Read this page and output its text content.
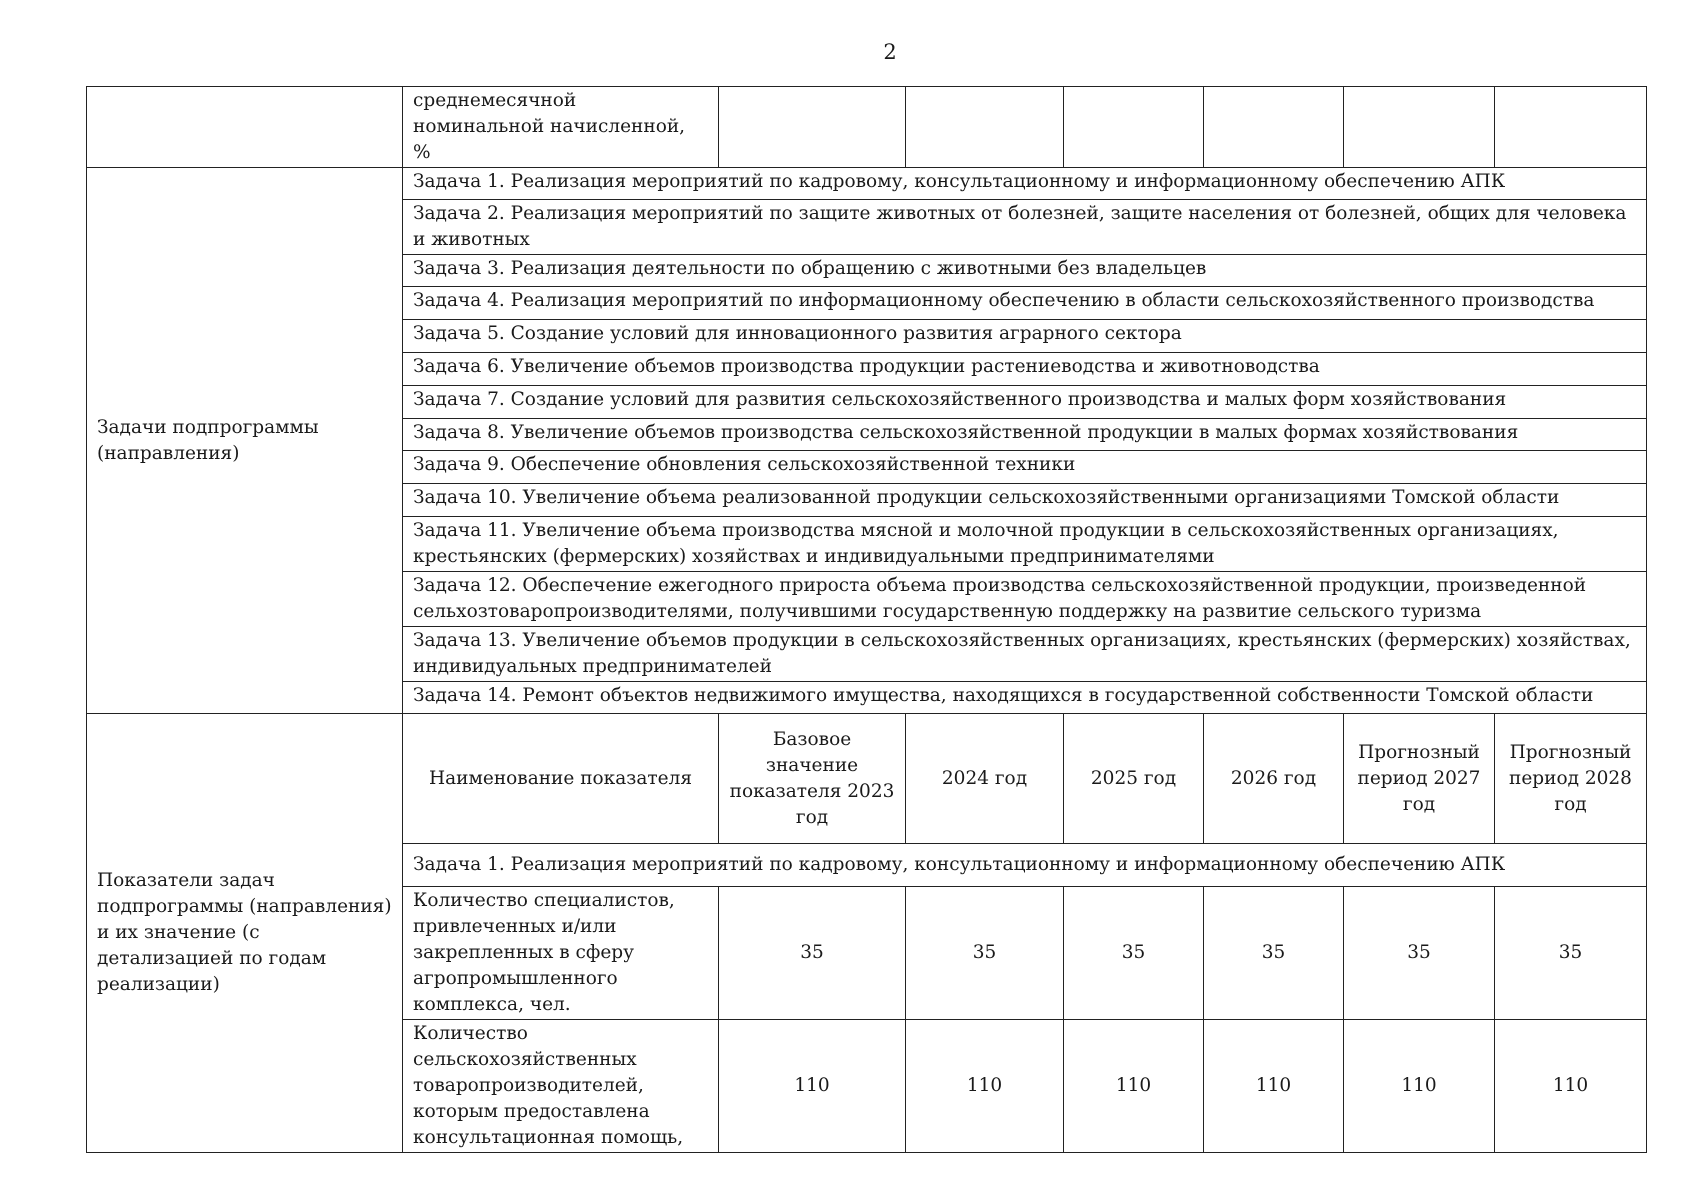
2
	среднемесячной номинальной начисленной, %						
Задачи подпрограммы (направления)	Задача 1. Реализация мероприятий по кадровому, консультационному и информационному обеспечению АПК						
	Задача 2. Реализация мероприятий по защите животных от болезней, защите населения от болезней, общих для человека и животных						
	Задача 3. Реализация деятельности по обращению с животными без владельцев						
	Задача 4. Реализация мероприятий по информационному обеспечению в области сельскохозяйственного производства						
	Задача 5. Создание условий для инновационного развития аграрного сектора						
	Задача 6. Увеличение объемов производства продукции растениеводства и животноводства						
	Задача 7. Создание условий для развития сельскохозяйственного производства и малых форм хозяйствования						
	Задача 8. Увеличение объемов производства сельскохозяйственной продукции в малых формах хозяйствования						
	Задача 9. Обеспечение обновления сельскохозяйственной техники						
	Задача 10. Увеличение объема реализованной продукции сельскохозяйственными организациями Томской области						
	Задача 11. Увеличение объема производства мясной и молочной продукции в сельскохозяйственных организациях, крестьянских (фермерских) хозяйствах и индивидуальными предпринимателями						
	Задача 12. Обеспечение ежегодного прироста объема производства сельскохозяйственной продукции, произведенной сельхозтоваропроизводителями, получившими государственную поддержку на развитие сельского туризма						
	Задача 13. Увеличение объемов продукции в сельскохозяйственных организациях, крестьянских (фермерских) хозяйствах, индивидуальных предпринимателей						
	Задача 14. Ремонт объектов недвижимого имущества, находящихся в государственной собственности Томской области						
Показатели задач подпрограммы (направления) и их значение (с детализацией по годам реализации)	Наименование показателя	Базовое значение показателя 2023 год	2024 год	2025 год	2026 год	Прогнозный период 2027 год	Прогнозный период 2028 год
	Задача 1. Реализация мероприятий по кадровому, консультационному и информационному обеспечению АПК						
	Количество специалистов, привлеченных и/или закрепленных в сферу агропромышленного комплекса, чел.	35	35	35	35	35	35
	Количество сельскохозяйственных товаропроизводителей, которым предоставлена консультационная помощь,	110	110	110	110	110	110
